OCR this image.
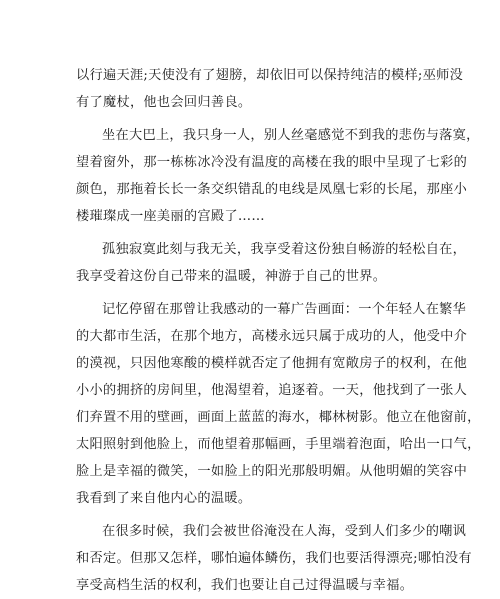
以行遍天涯;天使没有了翅膀，却依旧可以保持纯洁的模样;巫师没
有了魔杖，他也会回归善良。
坐在大巴上，我只身一人，别人丝毫感觉不到我的悲伤与落寞，
望着窗外，那一栋栋冰冷没有温度的高楼在我的眼中呈现了七彩的
颜色，那拖着长长一条交织错乱的电线是凤凰七彩的长尾，那座小
楼璀璨成一座美丽的宫殿了……
孤独寂寞此刻与我无关，我享受着这份独自畅游的轻松自在，
我享受着这份自己带来的温暖，神游于自己的世界。
记忆停留在那曾让我感动的一幕广告画面：一个年轻人在繁华
的大都市生活，在那个地方，高楼永远只属于成功的人，他受中介
的漠视，只因他寒酸的模样就否定了他拥有宽敞房子的权利，在他
小小的拥挤的房间里，他渴望着，追逐着。一天，他找到了一张人
们弃置不用的壁画，画面上蓝蓝的海水，椰林树影。他立在他窗前，
太阳照射到他脸上，而他望着那幅画，手里端着泡面，哈出一口气，
脸上是幸福的微笑，一如脸上的阳光那般明媚。从他明媚的笑容中
我看到了来自他内心的温暖。
在很多时候，我们会被世俗淹没在人海，受到人们多少的嘲讽
和否定。但那又怎样，哪怕遍体鳞伤，我们也要活得漂亮;哪怕没有
享受高档生活的权利，我们也要让自己过得温暖与幸福。
